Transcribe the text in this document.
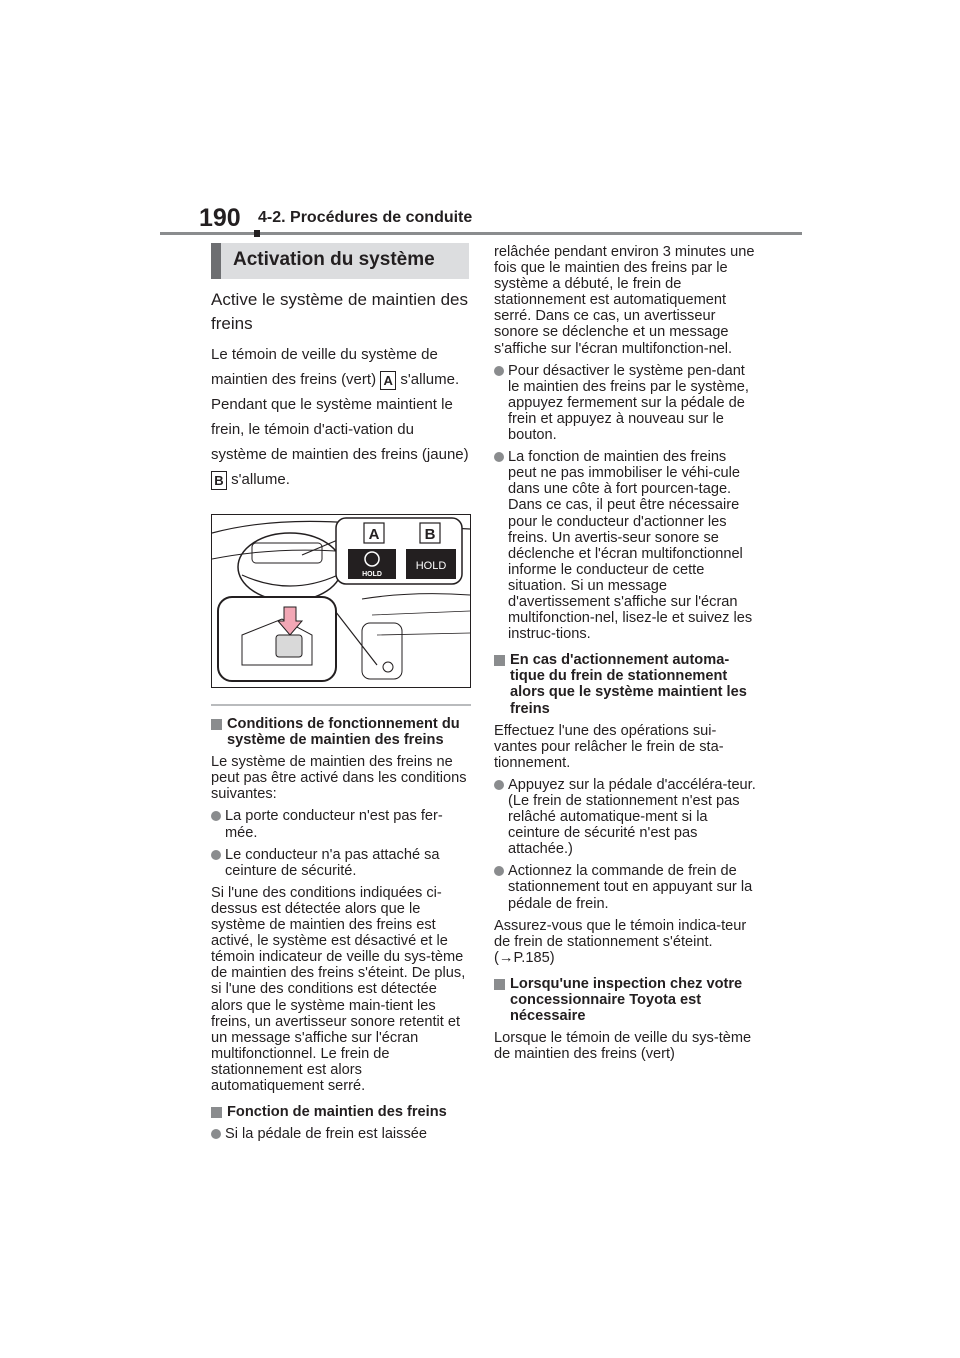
190 4-2. Procédures de conduite
Activation du système

Active le système de maintien des freins

Le témoin de veille du système de maintien des freins (vert) A s'allume. Pendant que le système maintient le frein, le témoin d'acti-vation du système de maintien des freins (jaune) B s'allume.

A	B
HOLD
HOLD

Conditions de fonctionnement du système de maintien des freins

Le système de maintien des freins ne peut pas être activé dans les conditions suivantes:

La porte conducteur n'est pas fer-mée.

Le conducteur n'a pas attaché sa ceinture de sécurité.

Si l'une des conditions indiquées ci-dessus est détectée alors que le système de maintien des freins est activé, le système est désactivé et le témoin indicateur de veille du sys-tème de maintien des freins s'éteint. De plus, si l'une des conditions est détectée alors que le système main-tient les freins, un avertisseur sonore retentit et un message s'affiche sur l'écran multifonctionnel. Le frein de stationnement est alors automatiquement serré.

Fonction de maintien des freins

Si la pédale de frein est laissée

relâchée pendant environ 3 minutes une fois que le maintien des freins par le système a débuté, le frein de stationnement est automatiquement serré. Dans ce cas, un avertisseur sonore se déclenche et un message s'affiche sur l'écran multifonction-nel.

Pour désactiver le système pen-dant le maintien des freins par le système, appuyez fermement sur la pédale de frein et appuyez à nouveau sur le bouton.

La fonction de maintien des freins peut ne pas immobiliser le véhi-cule dans une côte à fort pourcen-tage. Dans ce cas, il peut être nécessaire pour le conducteur d'actionner les freins. Un avertis-seur sonore se déclenche et l'écran multifonctionnel informe le conducteur de cette situation. Si un message d'avertissement s'affiche sur l'écran multifonction-nel, lisez-le et suivez les instruc-tions.

En cas d'actionnement automa-tique du frein de stationnement alors que le système maintient les freins

Effectuez l'une des opérations sui-vantes pour relâcher le frein de sta-tionnement.

Appuyez sur la pédale d'accéléra-teur. (Le frein de stationnement n'est pas relâché automatique-ment si la ceinture de sécurité n'est pas attachée.)

Actionnez la commande de frein de stationnement tout en appuyant sur la pédale de frein.

Assurez-vous que le témoin indica-teur de frein de stationnement s'éteint. (→P.185)

Lorsqu'une inspection chez votre concessionnaire Toyota est nécessaire

Lorsque le témoin de veille du sys-tème de maintien des freins (vert)
